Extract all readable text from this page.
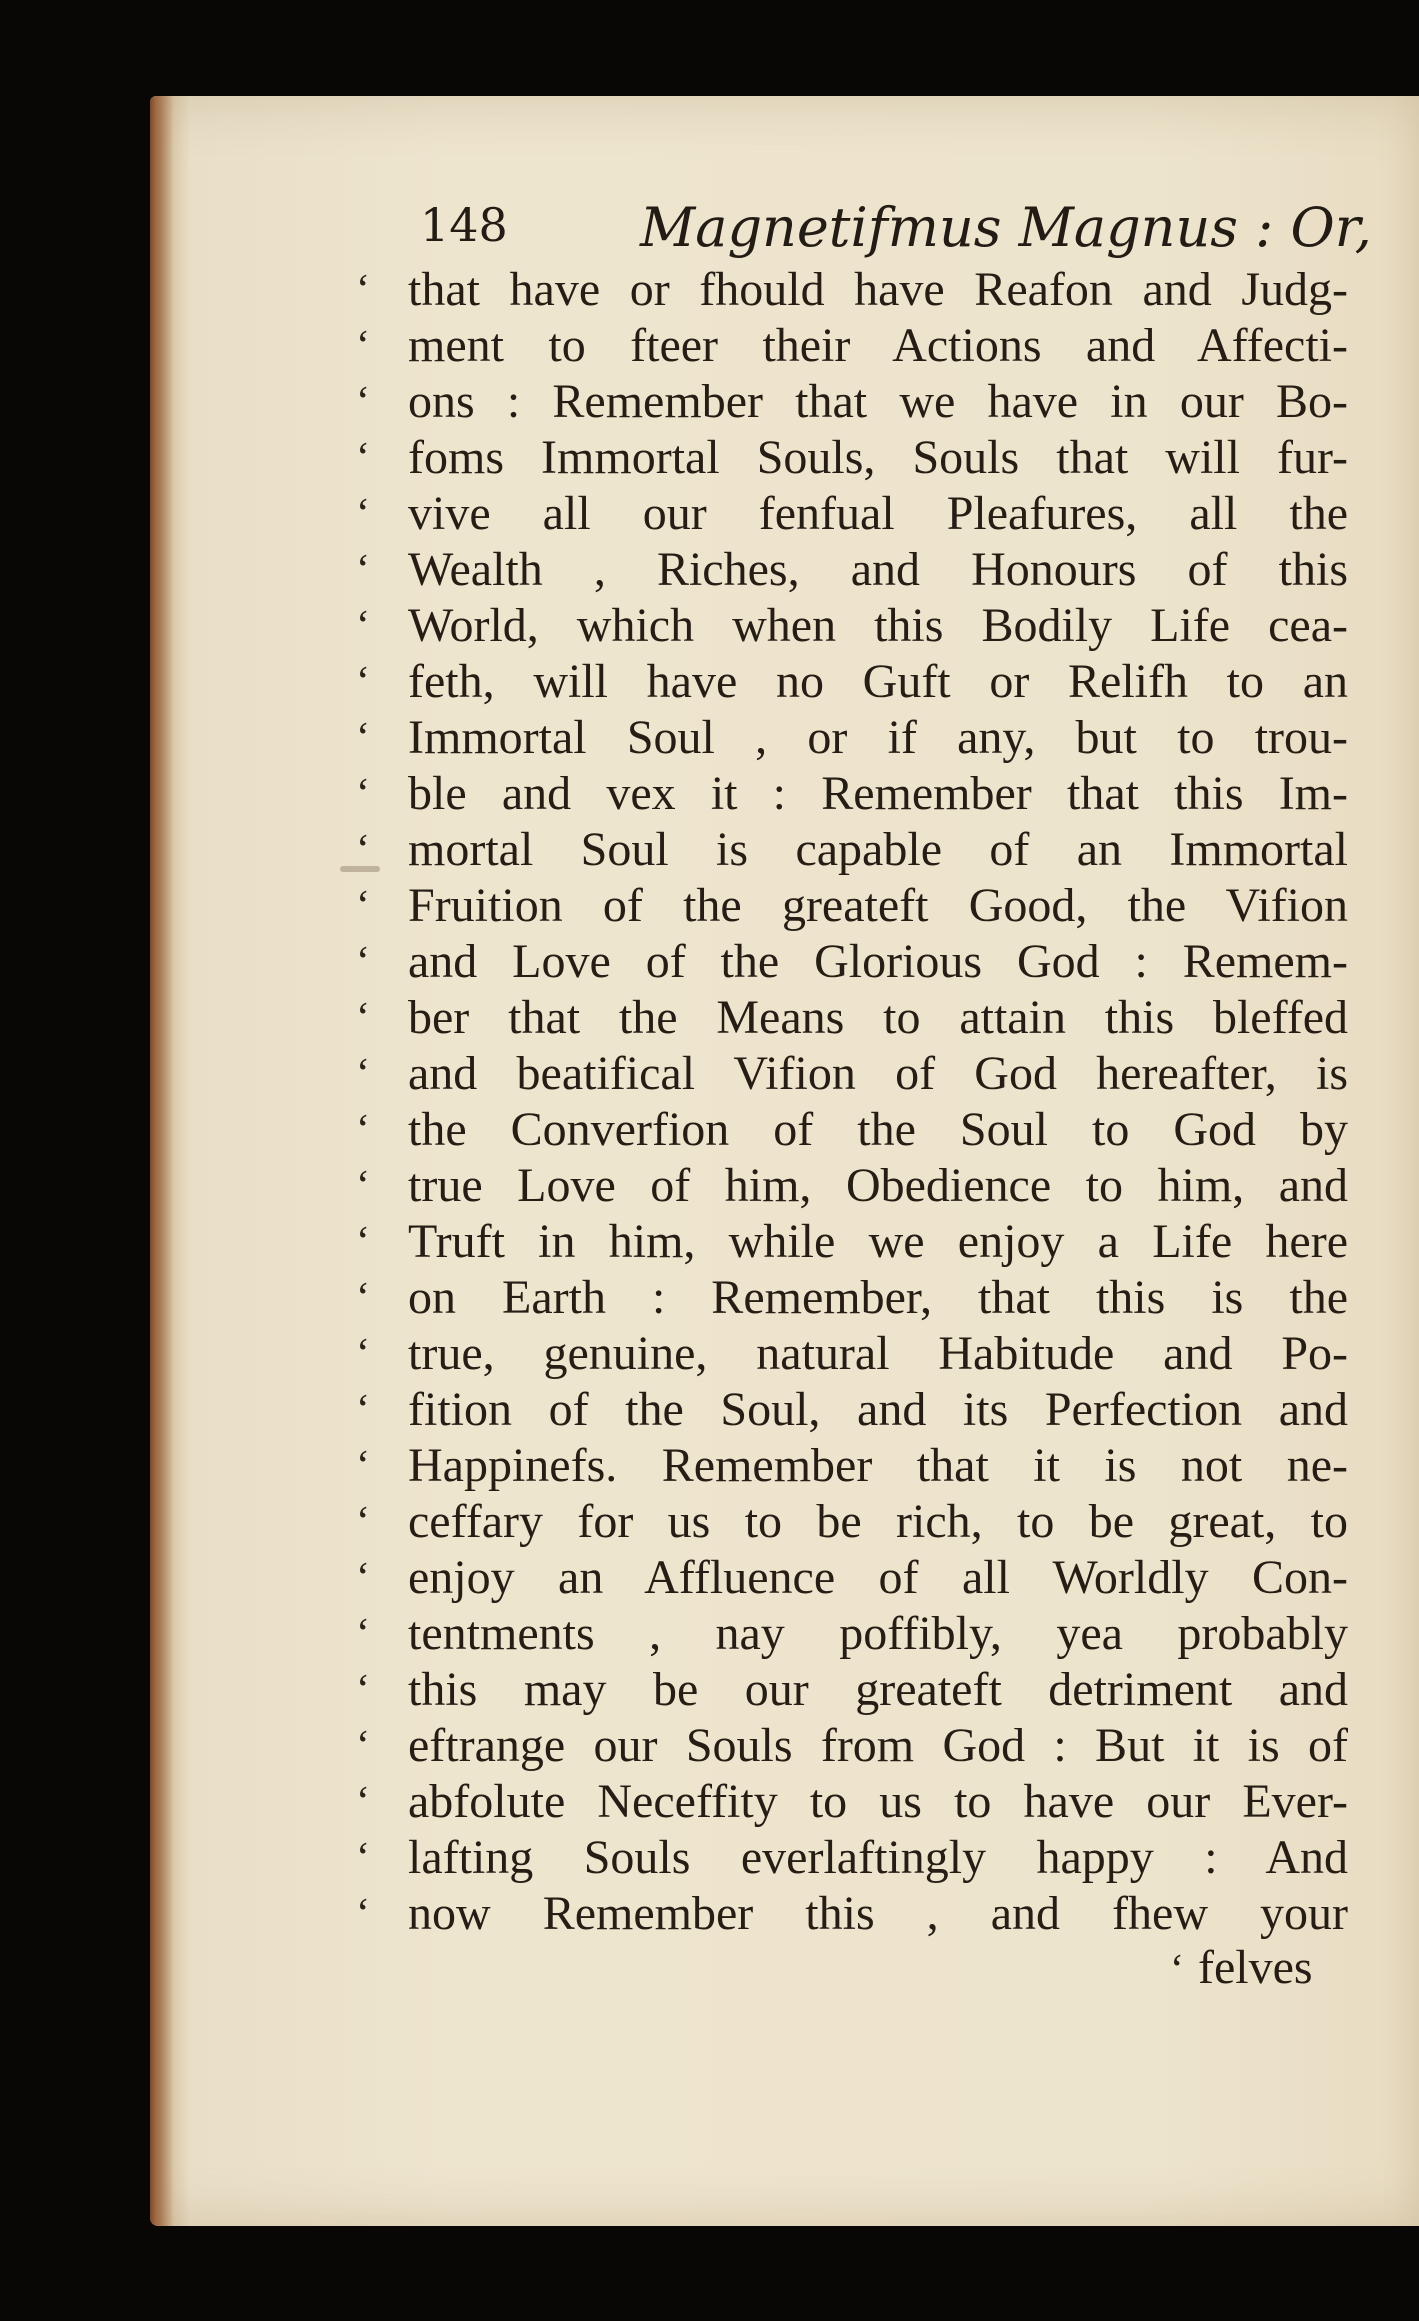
148 Magnetifmus Magnus : Or,
‘ that have or fhould have Reafon and Judg-
‘ ment to fteer their Actions and Affecti-
‘ ons : Remember that we have in our Bo-
‘ foms Immortal Souls, Souls that will fur-
‘ vive all our fenfual Pleafures, all the
‘ Wealth , Riches, and Honours of this
‘ World, which when this Bodily Life cea-
‘ feth, will have no Guft or Relifh to an
‘ Immortal Soul , or if any, but to trou-
‘ ble and vex it : Remember that this Im-
‘ mortal Soul is capable of an Immortal
‘ Fruition of the greateft Good, the Vifion
‘ and Love of the Glorious God : Remem-
‘ ber that the Means to attain this bleffed
‘ and beatifical Vifion of God hereafter, is
‘ the Converfion of the Soul to God by
‘ true Love of him, Obedience to him, and
‘ Truft in him, while we enjoy a Life here
‘ on Earth : Remember, that this is the
‘ true, genuine, natural Habitude and Po-
‘ fition of the Soul, and its Perfection and
‘ Happinefs. Remember that it is not ne-
‘ ceffary for us to be rich, to be great, to
‘ enjoy an Affluence of all Worldly Con-
‘ tentments , nay poffibly, yea probably
‘ this may be our greateft detriment and
‘ eftrange our Souls from God : But it is of
‘ abfolute Neceffity to us to have our Ever-
‘ lafting Souls everlaftingly happy : And
‘ now Remember this , and fhew your
‘ felves
